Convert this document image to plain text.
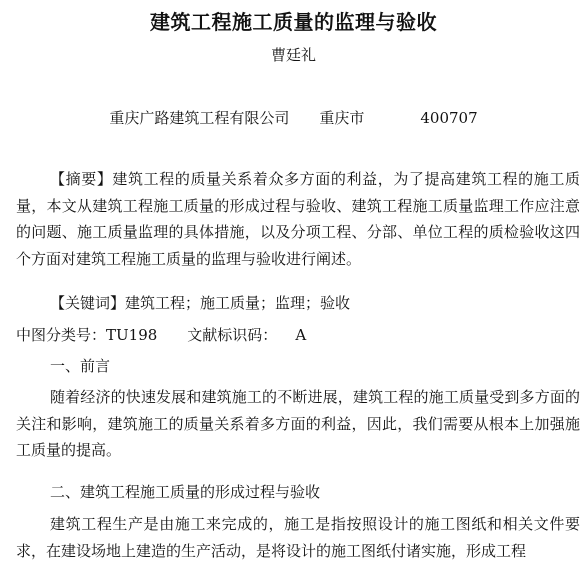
建筑工程施工质量的监理与验收
曹廷礼
重庆广路建筑工程有限公司 重庆市	400707
【摘要】建筑工程的质量关系着众多方面的利益，为了提高建筑工程的施工质量，本文从建筑工程施工质量的形成过程与验收、建筑工程施工质量监理工作应注意的问题、施工质量监理的具体措施，以及分项工程、分部、单位工程的质检验收这四个方面对建筑工程施工质量的监理与验收进行阐述。
【关键词】建筑工程；施工质量；监理；验收
中图分类号：TU198 文献标识码： A
一、前言
随着经济的快速发展和建筑施工的不断进展，建筑工程的施工质量受到多方面的关注和影响，建筑施工的质量关系着多方面的利益，因此，我们需要从根本上加强施工质量的提高。
二、建筑工程施工质量的形成过程与验收
建筑工程生产是由施工来完成的，施工是指按照设计的施工图纸和相关文件要求，在建设场地上建造的生产活动，是将设计的施工图纸付诸实施，形成工程
